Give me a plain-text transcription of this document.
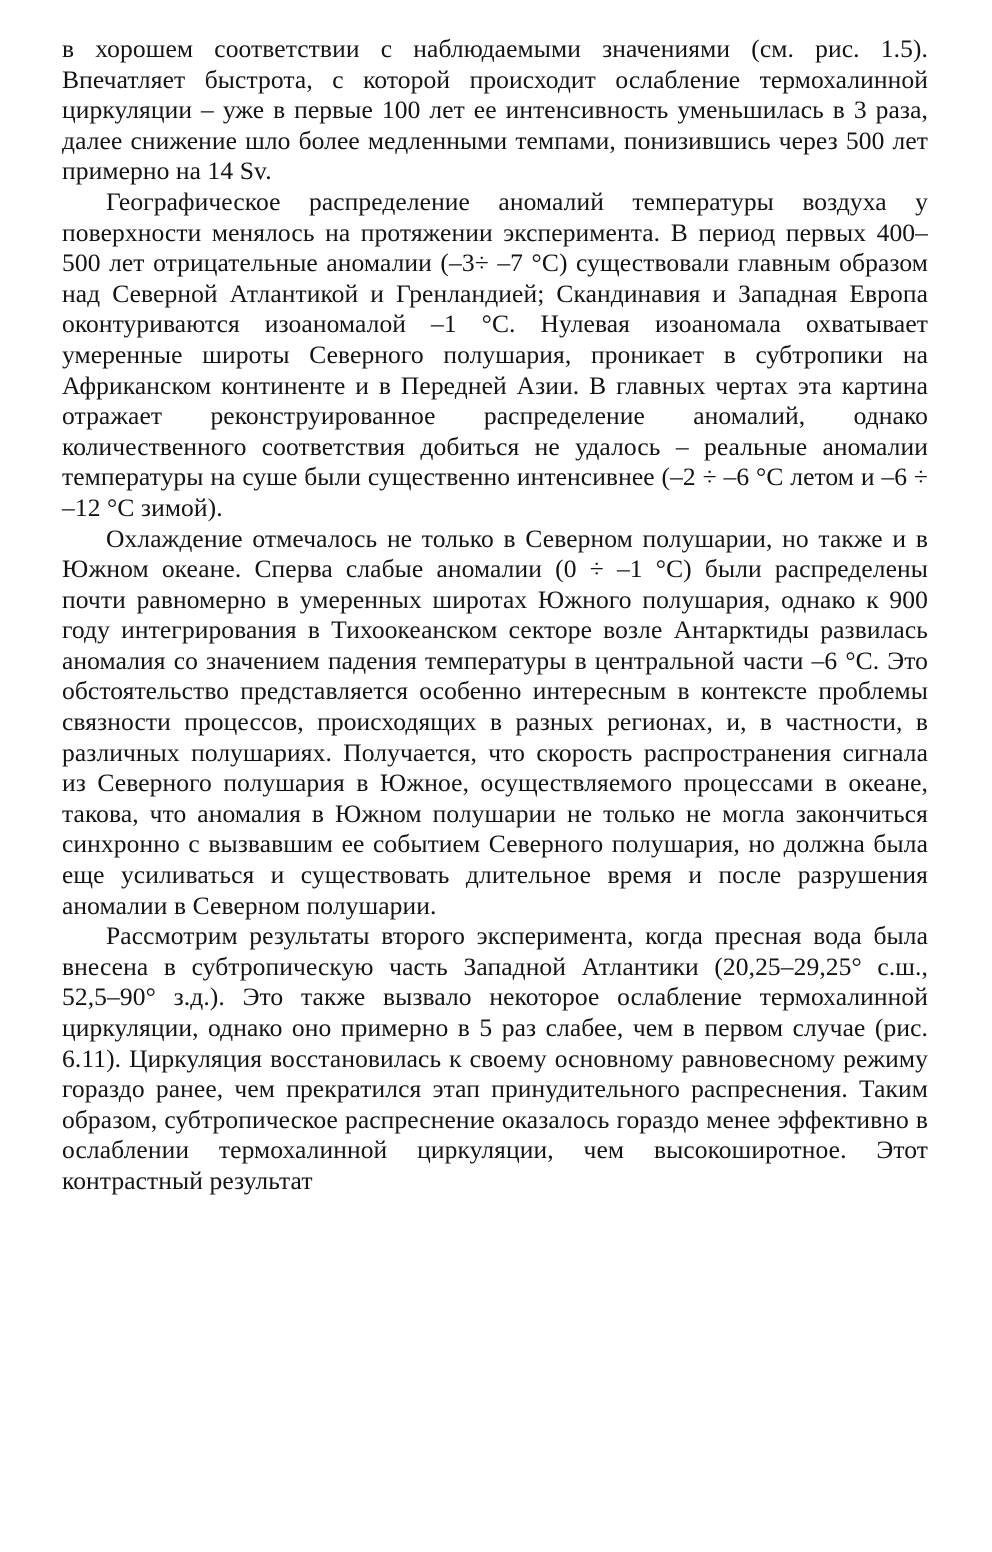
в хорошем соответствии с наблюдаемыми значениями (см. рис. 1.5). Впечатляет быстрота, с которой происходит ослабление термохалинной циркуляции – уже в первые 100 лет ее интенсивность уменьшилась в 3 раза, далее снижение шло более медленными темпами, понизившись через 500 лет примерно на 14 Sv.

Географическое распределение аномалий температуры воздуха у поверхности менялось на протяжении эксперимента. В период первых 400–500 лет отрицательные аномалии (–3÷ –7 °С) существовали главным образом над Северной Атлантикой и Гренландией; Скандинавия и Западная Европа оконтуриваются изоаномалой –1 °С. Нулевая изоаномала охватывает умеренные широты Северного полушария, проникает в субтропики на Африканском континенте и в Передней Азии. В главных чертах эта картина отражает реконструированное распределение аномалий, однако количественного соответствия добиться не удалось – реальные аномалии температуры на суше были существенно интенсивнее (–2 ÷ –6 °С летом и –6 ÷ –12 °С зимой).

Охлаждение отмечалось не только в Северном полушарии, но также и в Южном океане. Сперва слабые аномалии (0 ÷ –1 °С) были распределены почти равномерно в умеренных широтах Южного полушария, однако к 900 году интегрирования в Тихоокеанском секторе возле Антарктиды развилась аномалия со значением падения температуры в центральной части –6 °С. Это обстоятельство представляется особенно интересным в контексте проблемы связности процессов, происходящих в разных регионах, и, в частности, в различных полушариях. Получается, что скорость распространения сигнала из Северного полушария в Южное, осуществляемого процессами в океане, такова, что аномалия в Южном полушарии не только не могла закончиться синхронно с вызвавшим ее событием Северного полушария, но должна была еще усиливаться и существовать длительное время и после разрушения аномалии в Северном полушарии.

Рассмотрим результаты второго эксперимента, когда пресная вода была внесена в субтропическую часть Западной Атлантики (20,25–29,25° с.ш., 52,5–90° з.д.). Это также вызвало некоторое ослабление термохалинной циркуляции, однако оно примерно в 5 раз слабее, чем в первом случае (рис. 6.11). Циркуляция восстановилась к своему основному равновесному режиму гораздо ранее, чем прекратился этап принудительного распреснения. Таким образом, субтропическое распреснение оказалось гораздо менее эффективно в ослаблении термохалинной циркуляции, чем высокоширотное. Этот контрастный результат
